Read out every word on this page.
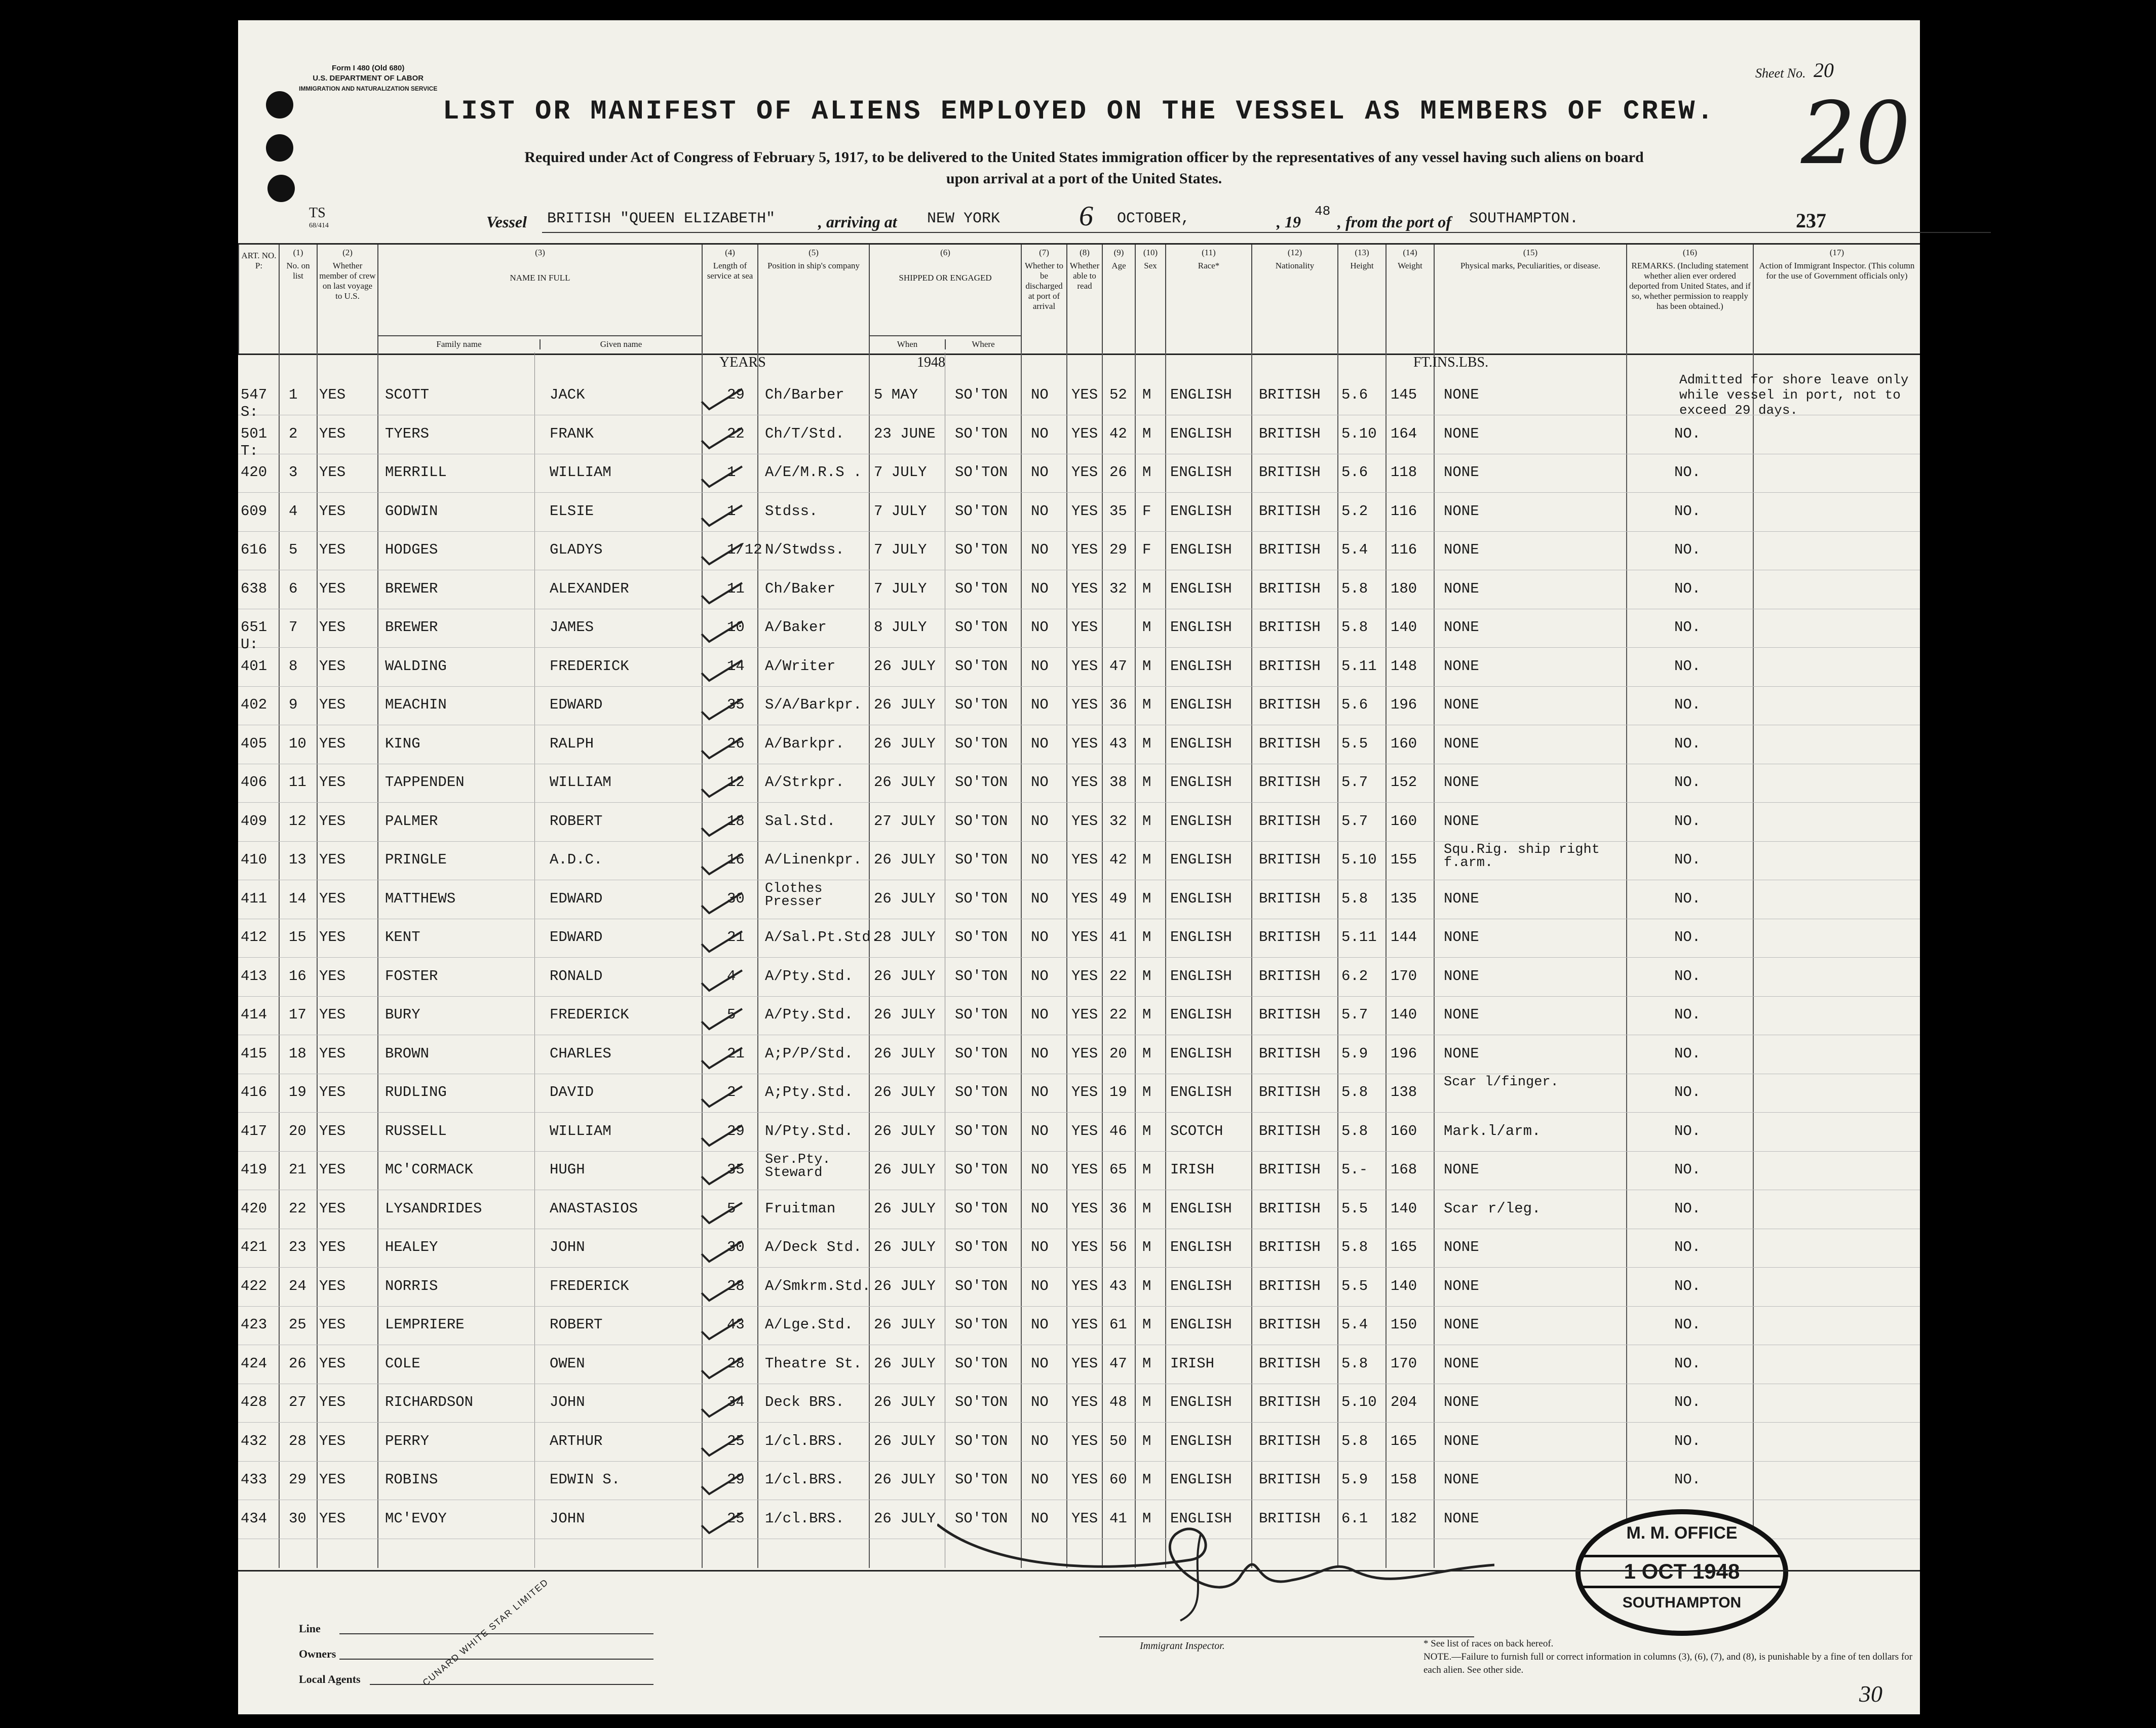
Form I 480 (Old 680)
U.S. DEPARTMENT OF LABOR
IMMIGRATION AND NATURALIZATION SERVICE
Sheet No. 20
20
LIST OR MANIFEST OF ALIENS EMPLOYED ON THE VESSEL AS MEMBERS OF CREW.
Required under Act of Congress of February 5, 1917, to be delivered to the United States immigration officer by the representatives of any vessel having such aliens on board
upon arrival at a port of the United States.
TS
68/414	Vessel BRITISH "QUEEN ELIZABETH"	, arriving at NEW YORK	6 OCTOBER,	, 19
48
, from the port of SOUTHAMPTON.	237
ART. NO. P:
(1)
No. on list
(2)
Whether member of crew on last voyage to U.S.
(3)
NAME IN FULL
Family name	Given name
(4)
Length of service at sea
(5)
Position in ship's company
(6)
SHIPPED OR ENGAGED
When	Where
(7)
Whether to be discharged at port of arrival
(8)
Whether able to read
(9)
Age
(10)
Sex
(11)
Race*
(12)
Nationality
(13)
Height
(14)
Weight
(15)
Physical marks, Peculiarities, or disease.
(16)
REMARKS. (Including statement whether alien ever ordered deported from United States, and if so, whether permission to reapply has been obtained.)
(17)
Action of Immigrant Inspector. (This column for the use of Government officials only)
YEARS	1948	FT.INS.LBS.
Admitted for shore leave only while vessel in port, not to exceed 29 days.
547 1 YES	SCOTT	JACK	29 Ch/Barber 5 MAY	SO'TON NO YES 52 M ENGLISH BRITISH 5.6 145 NONE
S:
501 2 YES	TYERS	FRANK	22 Ch/T/Std. 23 JUNE SO'TON NO YES 42 M ENGLISH BRITISH 5.10 164 NONE	NO.
T:
420 3 YES	MERRILL	WILLIAM	1 A/E/M.R.S . 7 JULY SO'TON NO YES 26 M ENGLISH BRITISH 5.6 118 NONE	NO.
609 4 YES	GODWIN	ELSIE	1 Stdss.	7 JULY SO'TON NO YES 35 F ENGLISH BRITISH 5.2 116 NONE	NO.
616 5 YES	HODGES	GLADYS	1/12 N/Stwdss. 7 JULY SO'TON NO YES 29 F ENGLISH BRITISH 5.4 116 NONE	NO.
638 6 YES	BREWER	ALEXANDER	11 Ch/Baker	7 JULY SO'TON NO YES 32 M ENGLISH BRITISH 5.8 180 NONE	NO.
651 7 YES	BREWER	JAMES	10 A/Baker	8 JULY SO'TON NO YES	M ENGLISH BRITISH 5.8 140 NONE	NO.
U:
401 8 YES	WALDING	FREDERICK	14 A/Writer	26 JULY SO'TON NO YES 47 M ENGLISH BRITISH 5.11 148 NONE	NO.
402 9 YES	MEACHIN	EDWARD	35 S/A/Barkpr. 26 JULY SO'TON NO YES 36 M ENGLISH BRITISH 5.6 196 NONE	NO.
405 10 YES	KING	RALPH	26 A/Barkpr. 26 JULY SO'TON NO YES 43 M ENGLISH BRITISH 5.5 160 NONE	NO.
406 11 YES	TAPPENDEN	WILLIAM	12 A/Strkpr. 26 JULY SO'TON NO YES 38 M ENGLISH BRITISH 5.7 152 NONE	NO.
409 12 YES	PALMER	ROBERT	18 Sal.Std.	27 JULY SO'TON NO YES 32 M ENGLISH BRITISH 5.7 160 NONE	NO.
410 13 YES	PRINGLE	A.D.C.	16 A/Linenkpr. 26 JULY SO'TON NO YES 42 M ENGLISH BRITISH 5.10 155
Squ.Rig. ship right f.arm.	NO.
411 14 YES	MATTHEWS	EDWARD	30
Clothes Presser	26 JULY SO'TON NO YES 49 M ENGLISH BRITISH 5.8 135 NONE	NO.
412 15 YES	KENT	EDWARD	21 A/Sal.Pt.Std.
28 JULY SO'TON NO YES 41 M ENGLISH BRITISH 5.11 144 NONE	NO.
413 16 YES	FOSTER	RONALD	4 A/Pty.Std. 26 JULY SO'TON NO YES 22 M ENGLISH BRITISH 6.2 170 NONE	NO.
414 17 YES	BURY	FREDERICK	5 A/Pty.Std. 26 JULY SO'TON NO YES 22 M ENGLISH BRITISH 5.7 140 NONE	NO.
415 18 YES	BROWN	CHARLES	21 A;P/P/Std. 26 JULY SO'TON NO YES 20 M ENGLISH BRITISH 5.9 196 NONE	NO.
416 19 YES	RUDLING	DAVID	2 A;Pty.Std. 26 JULY SO'TON NO YES 19 M ENGLISH BRITISH 5.8 138
Scar l/finger.
NO.
417 20 YES	RUSSELL	WILLIAM	29 N/Pty.Std. 26 JULY SO'TON NO YES 46 M SCOTCH BRITISH 5.8 160 Mark.l/arm.	NO.
419 21 YES	MC'CORMACK	HUGH	35
Ser.Pty. Steward	26 JULY SO'TON NO YES 65 M IRISH	BRITISH 5.- 168 NONE	NO.
420 22 YES	LYSANDRIDES	ANASTASIOS	5 Fruitman	26 JULY SO'TON NO YES 36 M ENGLISH BRITISH 5.5 140 Scar r/leg.	NO.
421 23 YES	HEALEY	JOHN	30 A/Deck Std. 26 JULY SO'TON NO YES 56 M ENGLISH BRITISH 5.8 165 NONE	NO.
422 24 YES	NORRIS	FREDERICK	28 A/Smkrm.Std. 26 JULY SO'TON NO YES 43 M ENGLISH BRITISH 5.5 140 NONE	NO.
423 25 YES	LEMPRIERE	ROBERT	43 A/Lge.Std. 26 JULY SO'TON NO YES 61 M ENGLISH BRITISH 5.4 150 NONE	NO.
424 26 YES	COLE	OWEN	28 Theatre St. 26 JULY SO'TON NO YES 47 M IRISH	BRITISH 5.8 170 NONE	NO.
428 27 YES	RICHARDSON	JOHN	34 Deck BRS. 26 JULY SO'TON NO YES 48 M ENGLISH BRITISH 5.10 204 NONE	NO.
432 28 YES	PERRY	ARTHUR	25 1/cl.BRS. 26 JULY SO'TON NO YES 50 M ENGLISH BRITISH 5.8 165 NONE	NO.
433 29 YES	ROBINS	EDWIN S.	29 1/cl.BRS. 26 JULY SO'TON NO YES 60 M ENGLISH BRITISH 5.9 158 NONE	NO.
434 30 YES	MC'EVOY	JOHN	25 1/cl.BRS. 26 JULY SO'TON NO YES 41 M ENGLISH BRITISH 6.1 182 NONE
M. M. OFFICE
1 OCT 1948
SOUTHAMPTON
Line
Owners
Local Agents	CUNARD WHITE STAR LIMITED	Immigrant Inspector.	* See list of races on back hereof.
NOTE.—Failure to furnish full or correct information in columns (3), (6), (7), and (8), is punishable by a fine of ten dollars for each alien. See other side.
30
